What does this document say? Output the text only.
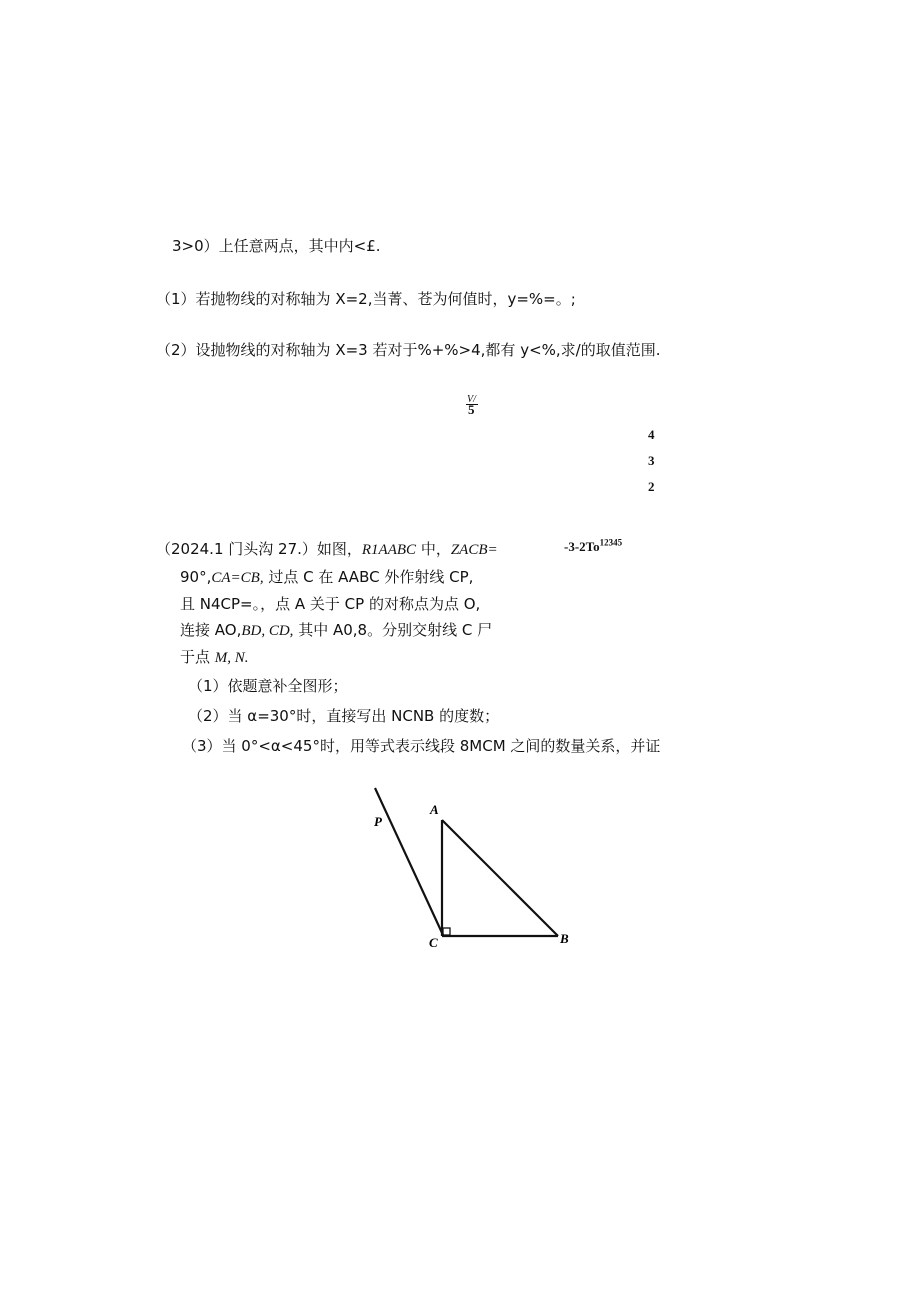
3>0）上任意两点，其中内<£.
（1）若抛物线的对称轴为 X=2,当菁、苍为何值时，y=%=。;
（2）设抛物线的对称轴为 X=3 若对于%+%>4,都有 y<%,求/的取值范围.
V/
5
4
3
2
$-3-2To^{12345}$
（2024.1 门头沟 27.）如图，R1AABC 中，ZACB=
90°,CA=CB, 过点 C 在 AABC 外作射线 CP,
且 N4CP=。，点 A 关于 CP 的对称点为点 O,
连接 AO,BD, CD, 其中 A0,8。分别交射线 C 尸
于点 M, N.
（1）依题意补全图形；
（2）当 α=30°时，直接写出 NCNB 的度数；
（3）当 0°<α<45°时，用等式表示线段 8MCM 之间的数量关系，并证
P
A
C	B
